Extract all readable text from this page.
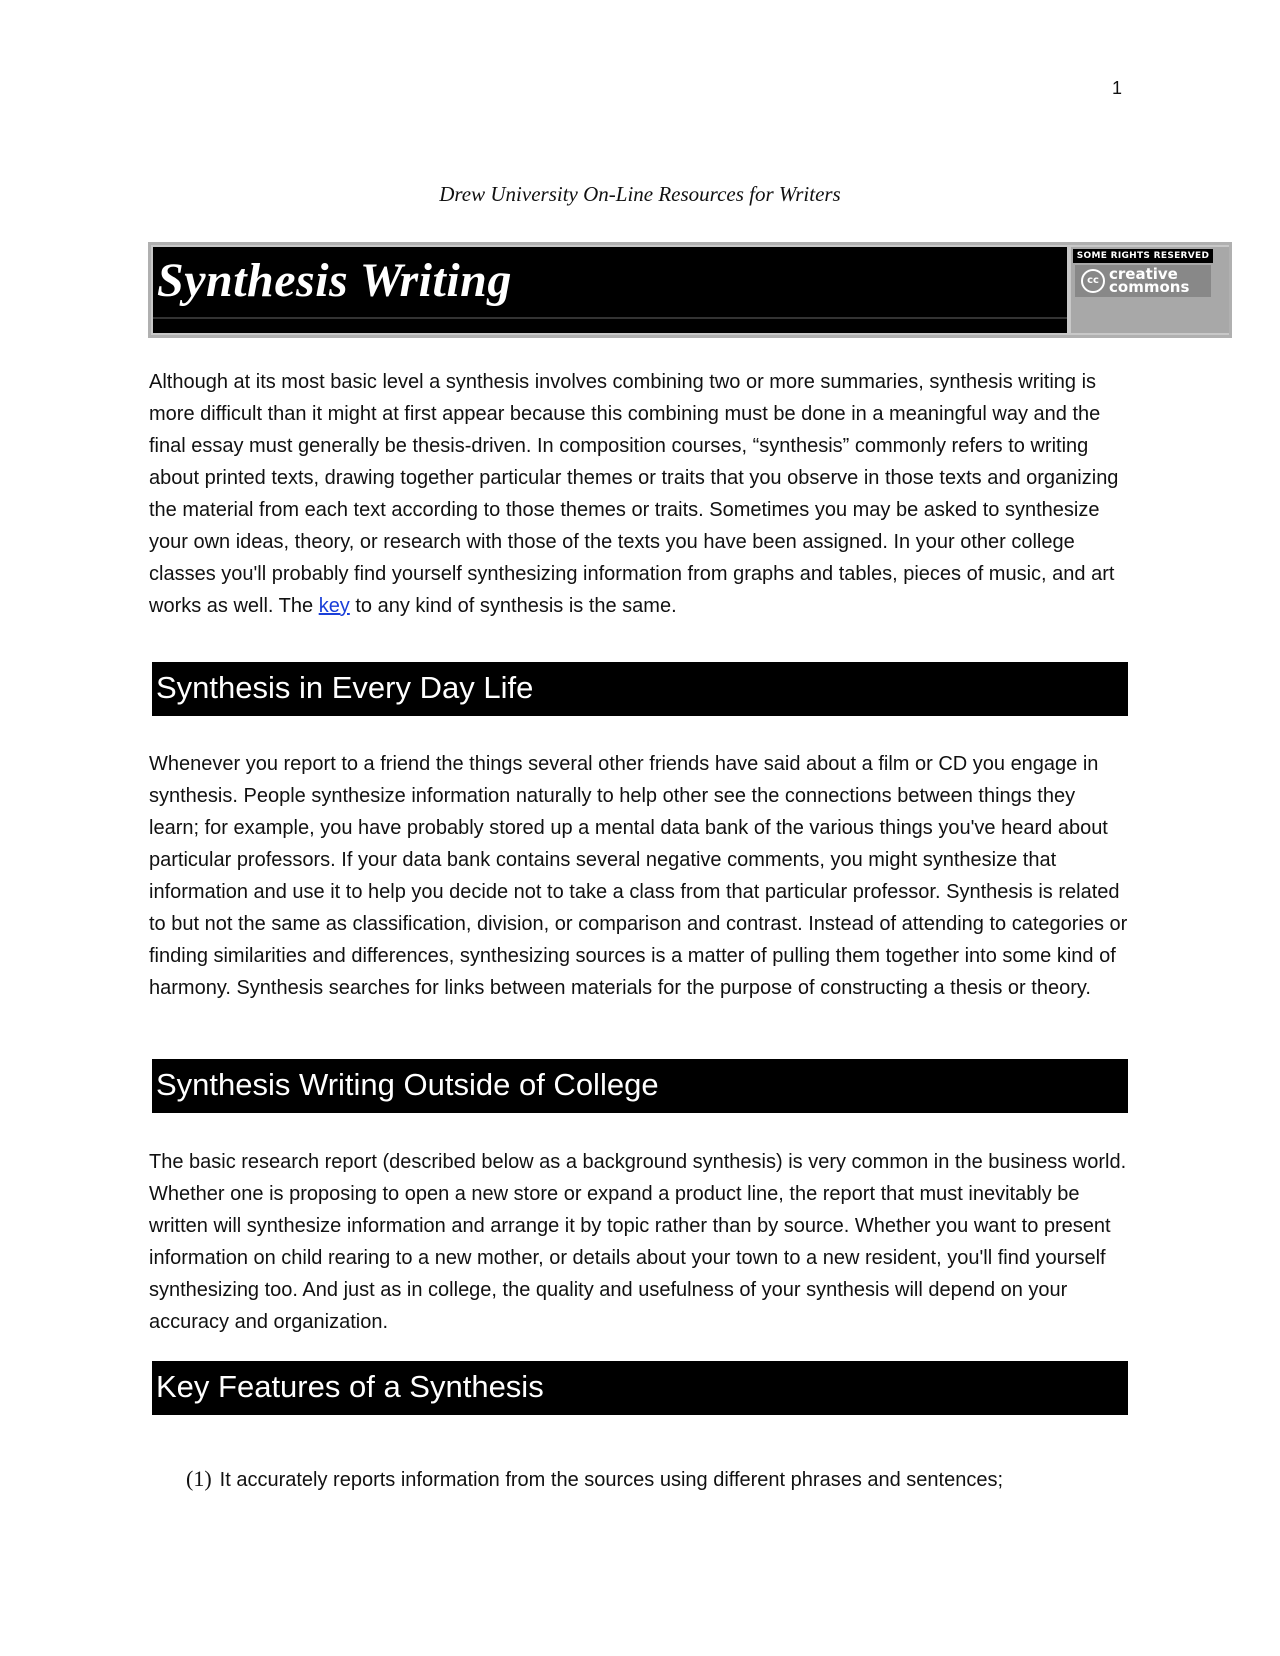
1
Drew University On-Line Resources for Writers
Synthesis Writing	SOME RIGHTS RESERVED
cc creative
commons

Although at its most basic level a synthesis involves combining two or more summaries, synthesis writing is more difficult than it might at first appear because this combining must be done in a meaningful way and the final essay must generally be thesis-driven. In composition courses, “synthesis” commonly refers to writing about printed texts, drawing together particular themes or traits that you observe in those texts and organizing the material from each text according to those themes or traits. Sometimes you may be asked to synthesize your own ideas, theory, or research with those of the texts you have been assigned. In your other college classes you'll probably find yourself synthesizing information from graphs and tables, pieces of music, and art works as well. The key to any kind of synthesis is the same.

Synthesis in Every Day Life

Whenever you report to a friend the things several other friends have said about a film or CD you engage in synthesis. People synthesize information naturally to help other see the connections between things they learn; for example, you have probably stored up a mental data bank of the various things you've heard about particular professors. If your data bank contains several negative comments, you might synthesize that information and use it to help you decide not to take a class from that particular professor. Synthesis is related to but not the same as classification, division, or comparison and contrast. Instead of attending to categories or finding similarities and differences, synthesizing sources is a matter of pulling them together into some kind of harmony. Synthesis searches for links between materials for the purpose of constructing a thesis or theory.

Synthesis Writing Outside of College

The basic research report (described below as a background synthesis) is very common in the business world. Whether one is proposing to open a new store or expand a product line, the report that must inevitably be written will synthesize information and arrange it by topic rather than by source. Whether you want to present information on child rearing to a new mother, or details about your town to a new resident, you'll find yourself synthesizing too. And just as in college, the quality and usefulness of your synthesis will depend on your accuracy and organization.

Key Features of a Synthesis
(1) It accurately reports information from the sources using different phrases and sentences;
